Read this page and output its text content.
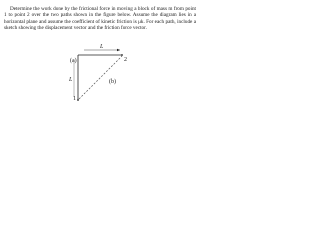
Determine the work done by the frictional force in moving a block of mass m from point 1 to point 2 over the two paths shown in the figure below. Assume the diagram lies in a horizontal plane and assume the coefficient of kinetic friction is μk. For each path, include a sketch showing the displacement vector and the friction force vector.

(a)
(b)
L
L
2
1
